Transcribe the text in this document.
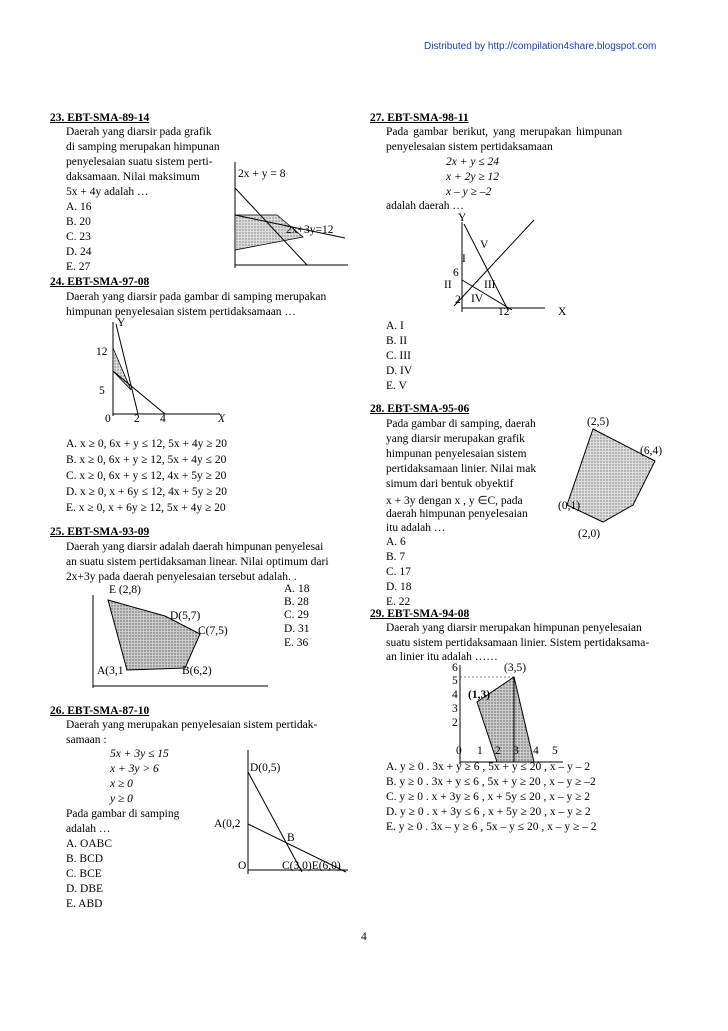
Distributed by http://compilation4share.blogspot.com
23. EBT-SMA-89-14
Daerah yang diarsir pada grafik
di samping merupakan himpunan
penyelesaian suatu sistem perti-
daksamaan. Nilai maksimum
5x + 4y adalah …
A. 16
B. 20
C. 23
D. 24
E. 27
2x + y = 8
2x+3y=12
24. EBT-SMA-97-08
Daerah yang diarsir pada gambar di samping merupakan
himpunan penyelesaian sistem pertidaksamaan …
Y
12
5
0 2 4	X
A. x ≥ 0, 6x + y ≤ 12, 5x + 4y ≥ 20
B. x ≥ 0, 6x + y ≥ 12, 5x + 4y ≤ 20
C. x ≥ 0, 6x + y ≤ 12, 4x + 5y ≥ 20
D. x ≥ 0, x + 6y ≤ 12, 4x + 5y ≥ 20
E. x ≥ 0, x + 6y ≥ 12, 5x + 4y ≥ 20
25. EBT-SMA-93-09
Daerah yang diarsir adalah daerah himpunan penyelesai
an suatu sistem pertidaksaman linear. Nilai optimum dari
2x+3y pada daerah penyelesaian tersebut adalah. .
E (2,8)
D(5,7)
C(7,5)
A(3,1	B(6,2)
A. 18
B. 28
C. 29
D. 31
E. 36
26. EBT-SMA-87-10
Daerah yang merupakan penyelesaian sistem pertidak-
samaan :
5x + 3y ≤ 15
x + 3y > 6
x ≥ 0
y ≥ 0
Pada gambar di samping
adalah …
A. OABC
B. BCD
C. BCE
D. DBE
E. ABD
D(0,5)
A(0,2
B
O	C(3,0)E(6,0)
27. EBT-SMA-98-11
Pada gambar berikut, yang merupakan himpunan
penyelesaian sistem pertidaksamaan
2x + y ≤ 24
x + 2y ≥ 12
x – y ≥ –2
adalah daerah …
Y
V
I
6
II	III
2 IV
12	X
A. I
B. II
C. III
D. IV
E. V
28. EBT-SMA-95-06
Pada gambar di samping, daerah
yang diarsir merupakan grafik
himpunan penyelesaian sistem
pertidaksamaan linier. Nilai mak
simum dari bentuk obyektif
x + 3y dengan x , y ∈C, pada
daerah himpunan penyelesaian
itu adalah …
A. 6
B. 7
C. 17
D. 18
E. 22
(2,5)
(6,4)
(0,1)
(2,0)
29. EBT-SMA-94-08
Daerah yang diarsir merupakan himpunan penyelesaian
suatu sistem pertidaksamaan linier. Sistem pertidaksama-
an linier itu adalah ……
6	(3,5)
5
4 (1,3)
3
2
0 1 2 3 4 5
A. y ≥ 0 . 3x + y ≥ 6 , 5x + y ≤ 20 , x – y – 2
B. y ≥ 0 . 3x + y ≤ 6 , 5x + y ≥ 20 , x – y ≥ –2
C. y ≥ 0 . x + 3y ≥ 6 , x + 5y ≤ 20 , x – y ≥ 2
D. y ≥ 0 . x + 3y ≤ 6 , x + 5y ≥ 20 , x – y ≥ 2
E. y ≥ 0 . 3x – y ≥ 6 , 5x – y ≤ 20 , x – y ≥ – 2
4
